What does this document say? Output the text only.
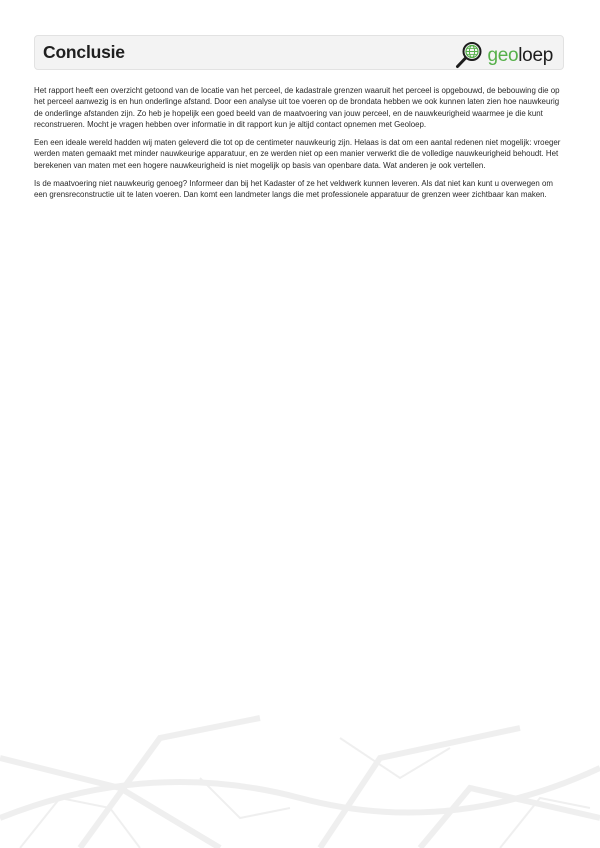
Conclusie	geoloep

Het rapport heeft een overzicht getoond van de locatie van het perceel, de kadastrale grenzen waaruit het perceel is opgebouwd, de bebouwing die op het perceel aanwezig is en hun onderlinge afstand. Door een analyse uit toe voeren op de brondata hebben we ook kunnen laten zien hoe nauwkeurig de onderlinge afstanden zijn. Zo heb je hopelijk een goed beeld van de maatvoering van jouw perceel, en de nauwkeurigheid waarmee je die kunt reconstrueren. Mocht je vragen hebben over informatie in dit rapport kun je altijd contact opnemen met Geoloep.

Een een ideale wereld hadden wij maten geleverd die tot op de centimeter nauwkeurig zijn. Helaas is dat om een aantal redenen niet mogelijk: vroeger werden maten gemaakt met minder nauwkeurige apparatuur, en ze werden niet op een manier verwerkt die de volledige nauwkeurigheid behoudt. Het berekenen van maten met een hogere nauwkeurigheid is niet mogelijk op basis van openbare data. Wat anderen je ook vertellen.

Is de maatvoering niet nauwkeurig genoeg? Informeer dan bij het Kadaster of ze het veldwerk kunnen leveren. Als dat niet kan kunt u overwegen om een grensreconstructie uit te laten voeren. Dan komt een landmeter langs die met professionele apparatuur de grenzen weer zichtbaar kan maken.
